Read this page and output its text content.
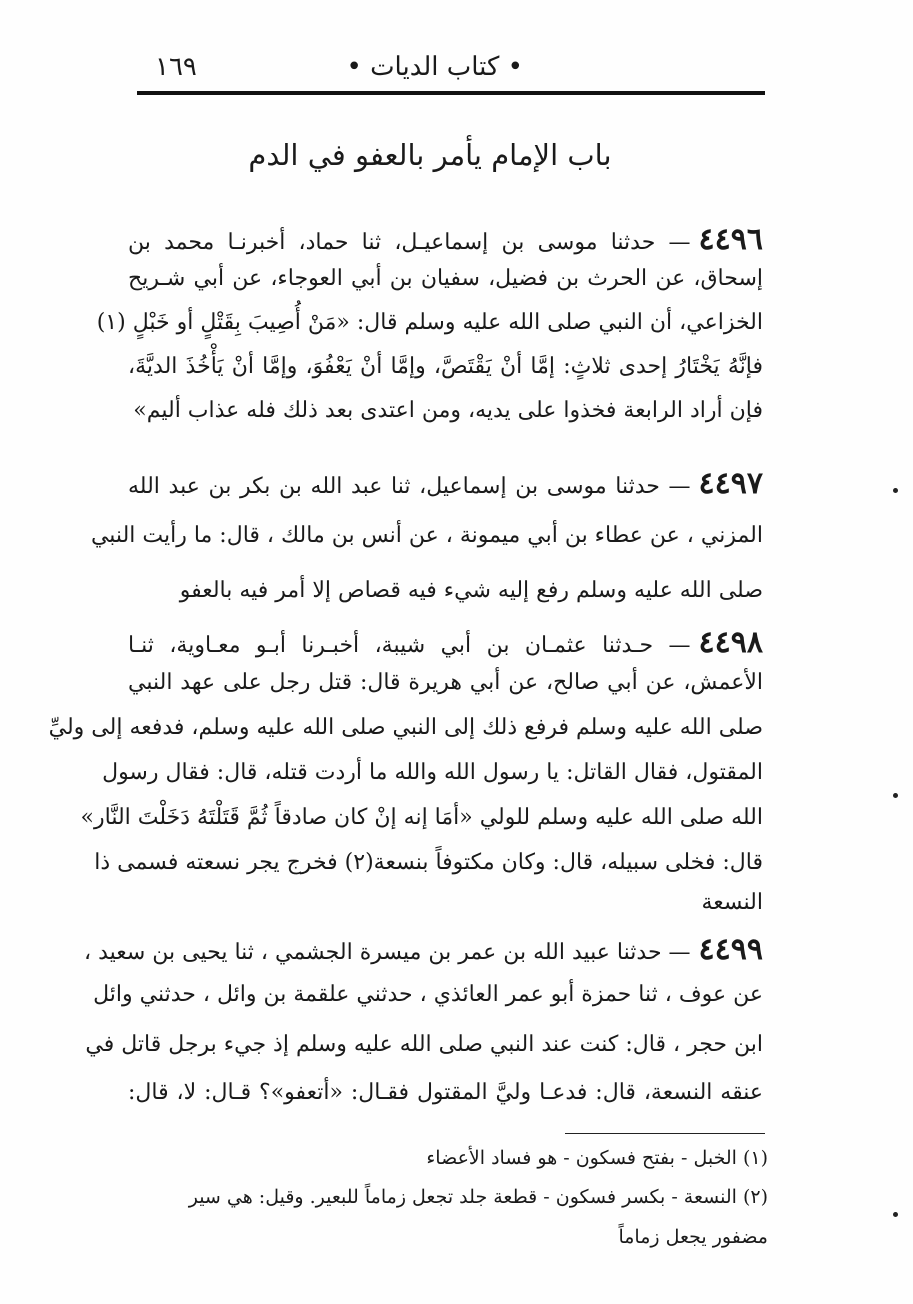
• كتاب الديات •
١٦٩
باب الإمام يأمر بالعفو في الدم
٤٤٩٦— حدثنا موسى بن إسماعيـل، ثنا حماد، أخبرنـا محمد بن
إسحاق، عن الحرث بن فضيل، سفيان بن أبي العوجاء، عن أبي شـريح
الخزاعي، أن النبي صلى الله عليه وسلم قال: «مَنْ أُصِيبَ بِقَتْلٍ أو خَبْلٍ (١)
فإنَّهُ يَخْتَارُ إحدى ثلاثٍ: إمَّا أنْ يَقْتَصَّ، وإمَّا أنْ يَعْفُوَ، وإمَّا أنْ يَأْخُذَ الديَّةَ،
فإن أراد الرابعة فخذوا على يديه، ومن اعتدى بعد ذلك فله عذاب أليم»
٤٤٩٧— حدثنا موسى بن إسماعيل، ثنا عبد الله بن بكر بن عبد الله
المزني ، عن عطاء بن أبي ميمونة ، عن أنس بن مالك ، قال: ما رأيت النبي
صلى الله عليه وسلم رفع إليه شيء فيه قصاص إلا أمر فيه بالعفو
٤٤٩٨— حـدثنا عثمـان بن أبي شيبة، أخبـرنا أبـو معـاوية، ثنـا
الأعمش، عن أبي صالح، عن أبي هريرة قال: قتل رجل على عهد النبي
صلى الله عليه وسلم فرفع ذلك إلى النبي صلى الله عليه وسلم، فدفعه إلى وليِّ
المقتول، فقال القاتل: يا رسول الله والله ما أردت قتله، قال: فقال رسول
الله صلى الله عليه وسلم للولي «أمَا إنه إنْ كان صادقاً ثُمَّ قَتَلْتَهُ دَخَلْتَ النَّار»
قال: فخلى سبيله، قال: وكان مكتوفاً بنسعة(٢) فخرج يجر نسعته فسمى ذا
النسعة
٤٤٩٩— حدثنا عبيد الله بن عمر بن ميسرة الجشمي ، ثنا يحيى بن سعيد ،
عن عوف ، ثنا حمزة أبو عمر العائذي ، حدثني علقمة بن وائل ، حدثني وائل
ابن حجر ، قال: كنت عند النبي صلى الله عليه وسلم إذ جيء برجل قاتل في
عنقه النسعة، قال: فدعـا وليَّ المقتول فقـال: «أتعفو»؟ قـال: لا، قال:
(١) الخبل - بفتح فسكون - هو فساد الأعضاء
(٢) النسعة - بكسر فسكون - قطعة جلد تجعل زماماً للبعير. وقيل: هي سير
مضفور يجعل زماماً
